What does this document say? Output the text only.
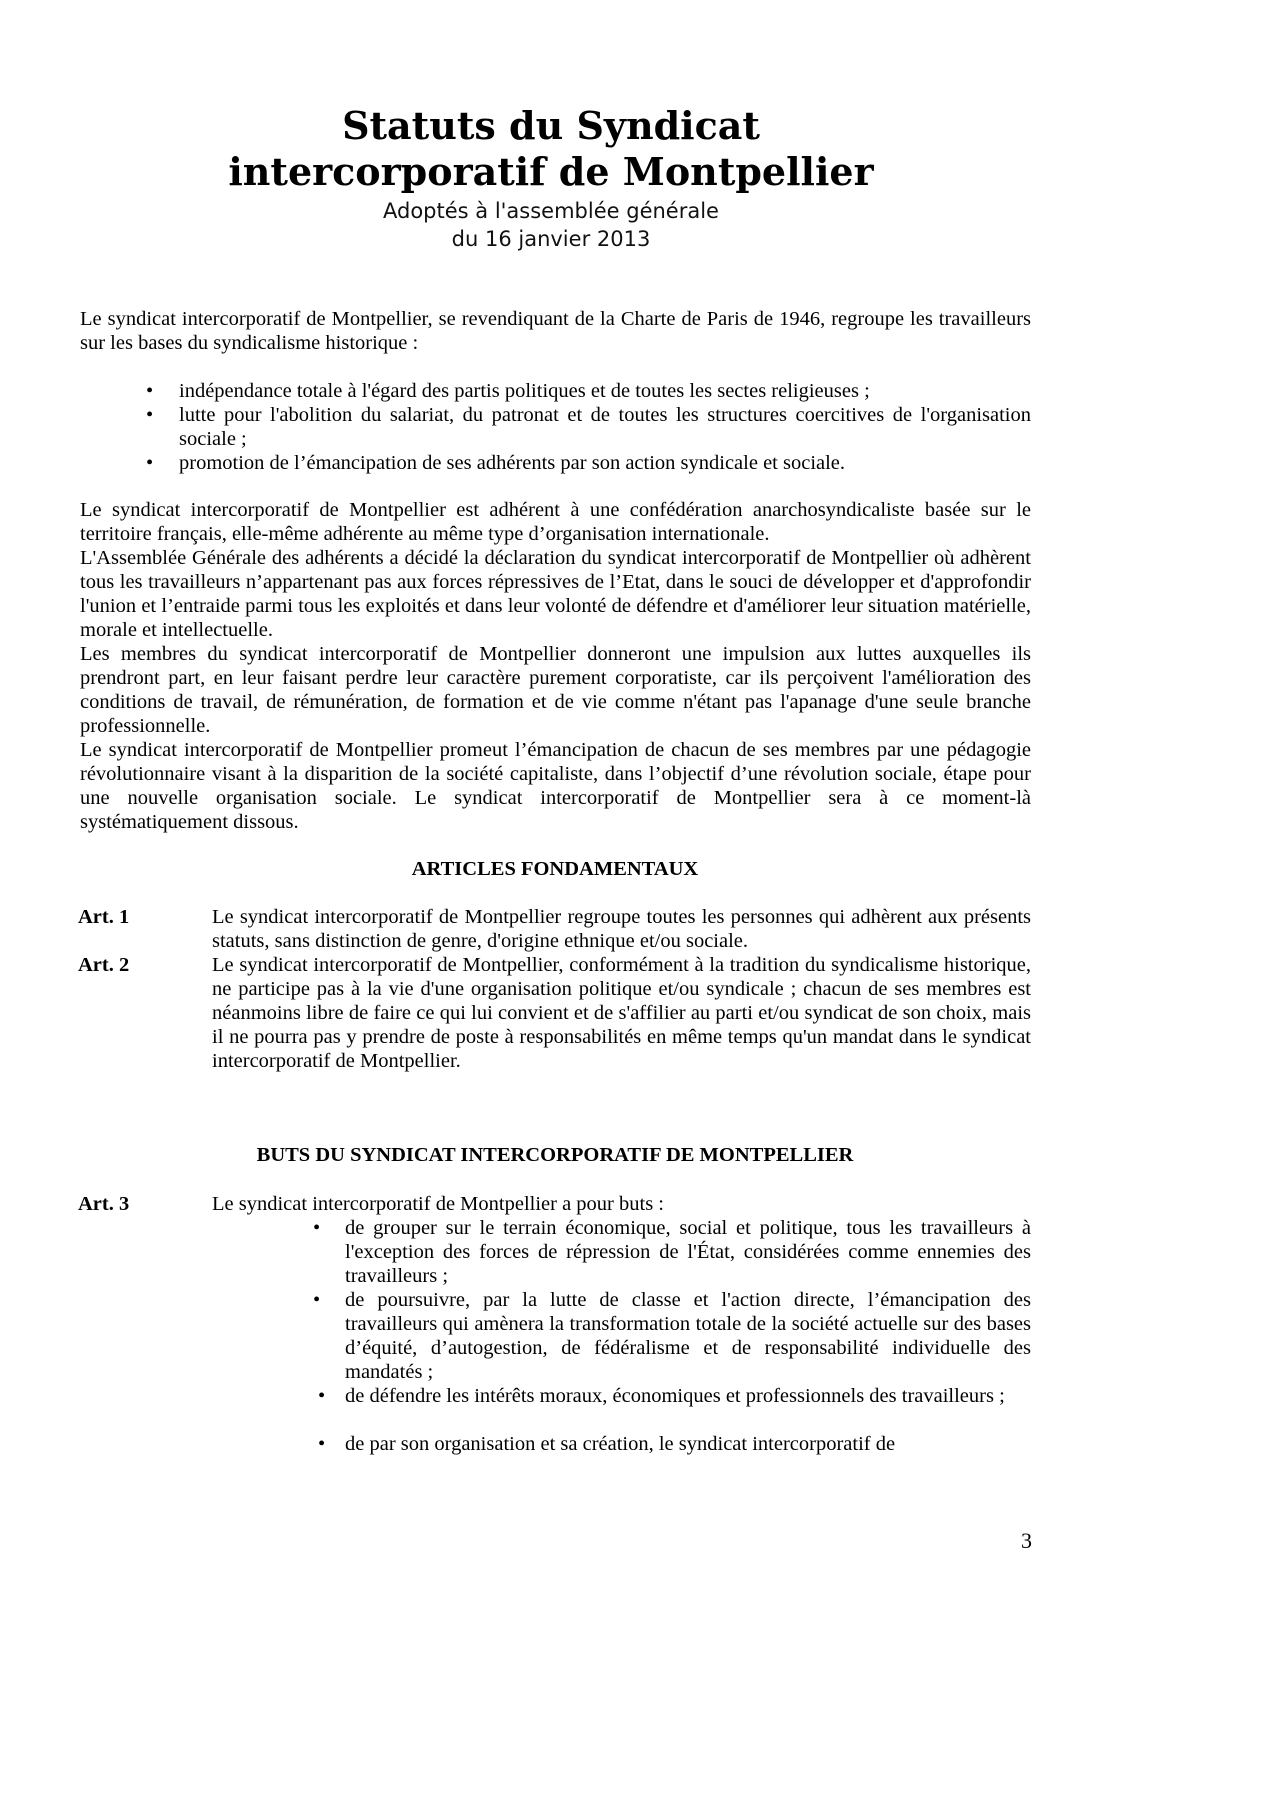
Statuts du Syndicat
intercorporatif de Montpellier
Adoptés à l'assemblée générale
du 16 janvier 2013

Le syndicat intercorporatif de Montpellier, se revendiquant de la Charte de Paris de 1946, regroupe les travailleurs sur les bases du syndicalisme historique :

• indépendance totale à l'égard des partis politiques et de toutes les sectes religieuses ;

• lutte pour l'abolition du salariat, du patronat et de toutes les structures coercitives de l'organisation sociale ;

• promotion de l’émancipation de ses adhérents par son action syndicale et sociale.

Le syndicat intercorporatif de Montpellier est adhérent à une confédération anarchosyndicaliste basée sur le territoire français, elle-même adhérente au même type d’organisation internationale.

L'Assemblée Générale des adhérents a décidé la déclaration du syndicat intercorporatif de Montpellier où adhèrent tous les travailleurs n’appartenant pas aux forces répressives de l’Etat, dans le souci de développer et d'approfondir l'union et l’entraide parmi tous les exploités et dans leur volonté de défendre et d'améliorer leur situation matérielle, morale et intellectuelle.

Les membres du syndicat intercorporatif de Montpellier donneront une impulsion aux luttes auxquelles ils prendront part, en leur faisant perdre leur caractère purement corporatiste, car ils perçoivent l'amélioration des conditions de travail, de rémunération, de formation et de vie comme n'étant pas l'apanage d'une seule branche professionnelle.

Le syndicat intercorporatif de Montpellier promeut l’émancipation de chacun de ses membres par une pédagogie révolutionnaire visant à la disparition de la société capitaliste, dans l’objectif d’une révolution sociale, étape pour une nouvelle organisation sociale. Le syndicat intercorporatif de Montpellier sera à ce moment-là systématiquement dissous.

ARTICLES FONDAMENTAUX
Art. 1	Le syndicat intercorporatif de Montpellier regroupe toutes les personnes qui adhèrent aux présents statuts, sans distinction de genre, d'origine ethnique et/ou sociale.

Art. 2	Le syndicat intercorporatif de Montpellier, conformément à la tradition du syndicalisme historique, ne participe pas à la vie d'une organisation politique et/ou syndicale ; chacun de ses membres est néanmoins libre de faire ce qui lui convient et de s'affilier au parti et/ou syndicat de son choix, mais il ne pourra pas y prendre de poste à responsabilités en même temps qu'un mandat dans le syndicat intercorporatif de Montpellier.

BUTS DU SYNDICAT INTERCORPORATIF DE MONTPELLIER
Art. 3	Le syndicat intercorporatif de Montpellier a pour buts :

• de grouper sur le terrain économique, social et politique, tous les travailleurs à l'exception des forces de répression de l'État, considérées comme ennemies des travailleurs ;

• de poursuivre, par la lutte de classe et l'action directe, l’émancipation des travailleurs qui amènera la transformation totale de la société actuelle sur des bases d’équité, d’autogestion, de fédéralisme et de responsabilité individuelle des mandatés ;

• de défendre les intérêts moraux, économiques et professionnels des travailleurs ;

• de par son organisation et sa création, le syndicat intercorporatif de

3
